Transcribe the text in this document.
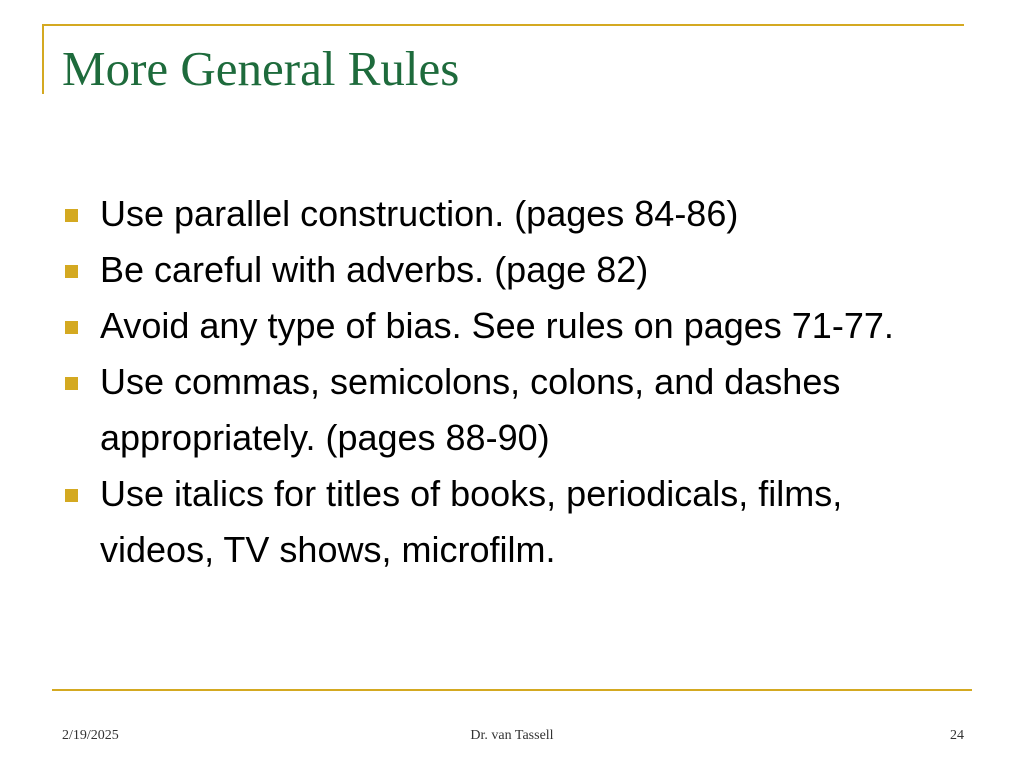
More General Rules
Use parallel construction. (pages 84-86)
Be careful with adverbs. (page 82)
Avoid any type of bias. See rules on pages 71-77.
Use commas, semicolons, colons, and dashes appropriately. (pages 88-90)
Use italics for titles of books, periodicals, films, videos, TV shows, microfilm.
2/19/2025	Dr. van Tassell	24
